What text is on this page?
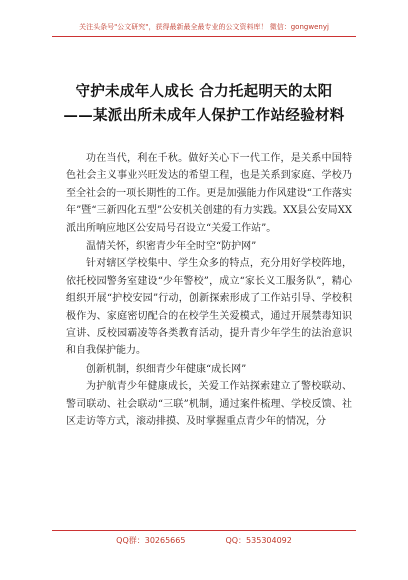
关注头条号"公文研究"，获得最新最全最专业的公文资料库！ 微信：gongwenyj
守护未成年人成长 合力托起明天的太阳
——某派出所未成年人保护工作站经验材料

功在当代，利在千秋。做好关心下一代工作，是关系中国特色社会主义事业兴旺发达的希望工程，也是关系到家庭、学校乃至全社会的一项长期性的工作。更是加强能力作风建设“工作落实年”暨“三新四化五型”公安机关创建的有力实践。XX县公安局XX派出所响应地区公安局号召设立“关爱工作站”。

温情关怀，织密青少年全时空“防护网”

针对辖区学校集中、学生众多的特点，充分用好学校阵地，依托校园警务室建设“少年警校”，成立“家长义工服务队”，精心组织开展“护校安园”行动，创新探索形成了工作站引导、学校积极作为、家庭密切配合的在校学生关爱模式，通过开展禁毒知识宣讲、反校园霸凌等各类教育活动，提升青少年学生的法治意识和自我保护能力。

创新机制，织细青少年健康“成长网”

为护航青少年健康成长，关爱工作站探索建立了警校联动、警司联动、社会联动“三联”机制，通过案件梳理、学校反馈、社区走访等方式，滚动排摸、及时掌握重点青少年的情况，分

QQ群：30265665	QQ：535304092
